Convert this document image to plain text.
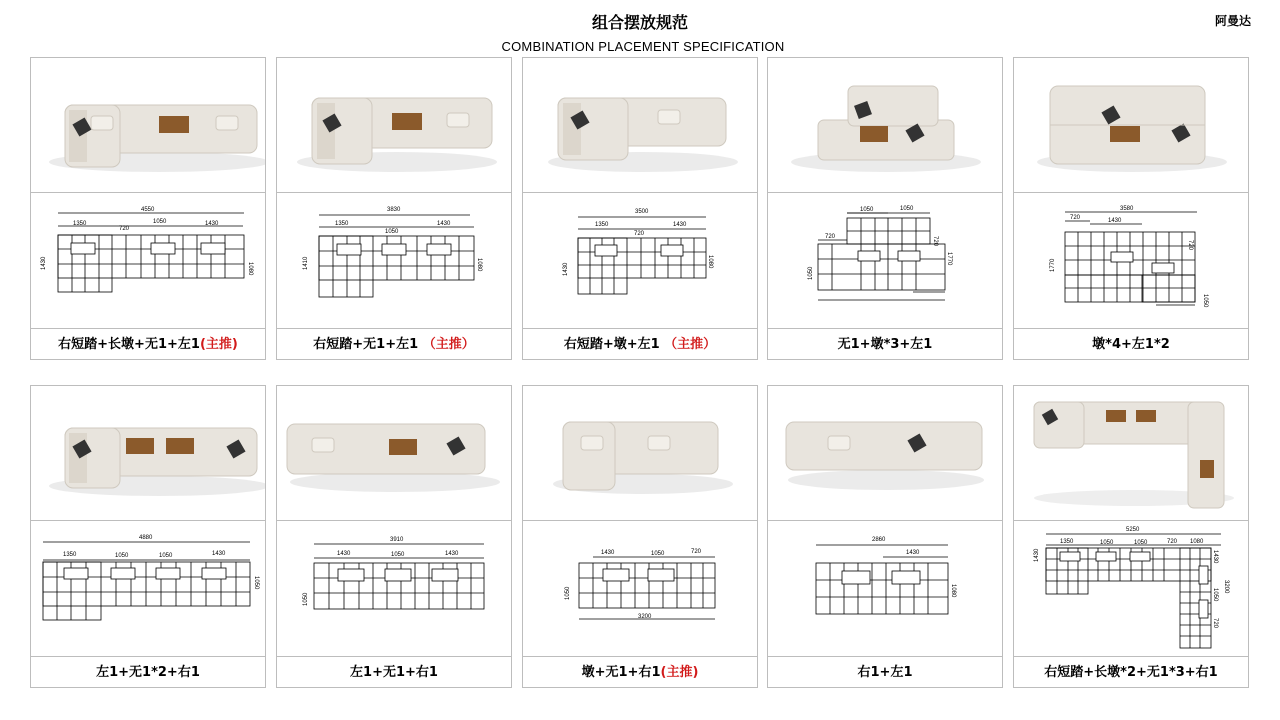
组合摆放规范
COMBINATION PLACEMENT SPECIFICATION
阿曼达
4550
1350
720
1050	1430
1430	1080
右短踏+长墩+无1+左1(主推)
3830
1350
1050
1430
1410	1080
右短踏+无1+左1 （主推）
3500
1350
720
1430
1430
1080
右短踏+墩+左1 （主推）
1050	1050
720	720
1770
1050
无1+墩*3+左1
3580
720	1430
720
1770
1050
墩*4+左1*2
4880
1350	1050	1050	1430
1050
左1+无1*2+右1
3910
1430	1050	1430
1050
左1+无1+右1
1430	1050	720
1050
3200
墩+无1+右1(主推)
2860
1430
1080
右1+左1
5250
1350	1050	1050	720 1080
1430	1430
1050
3200
720
右短踏+长墩*2+无1*3+右1
